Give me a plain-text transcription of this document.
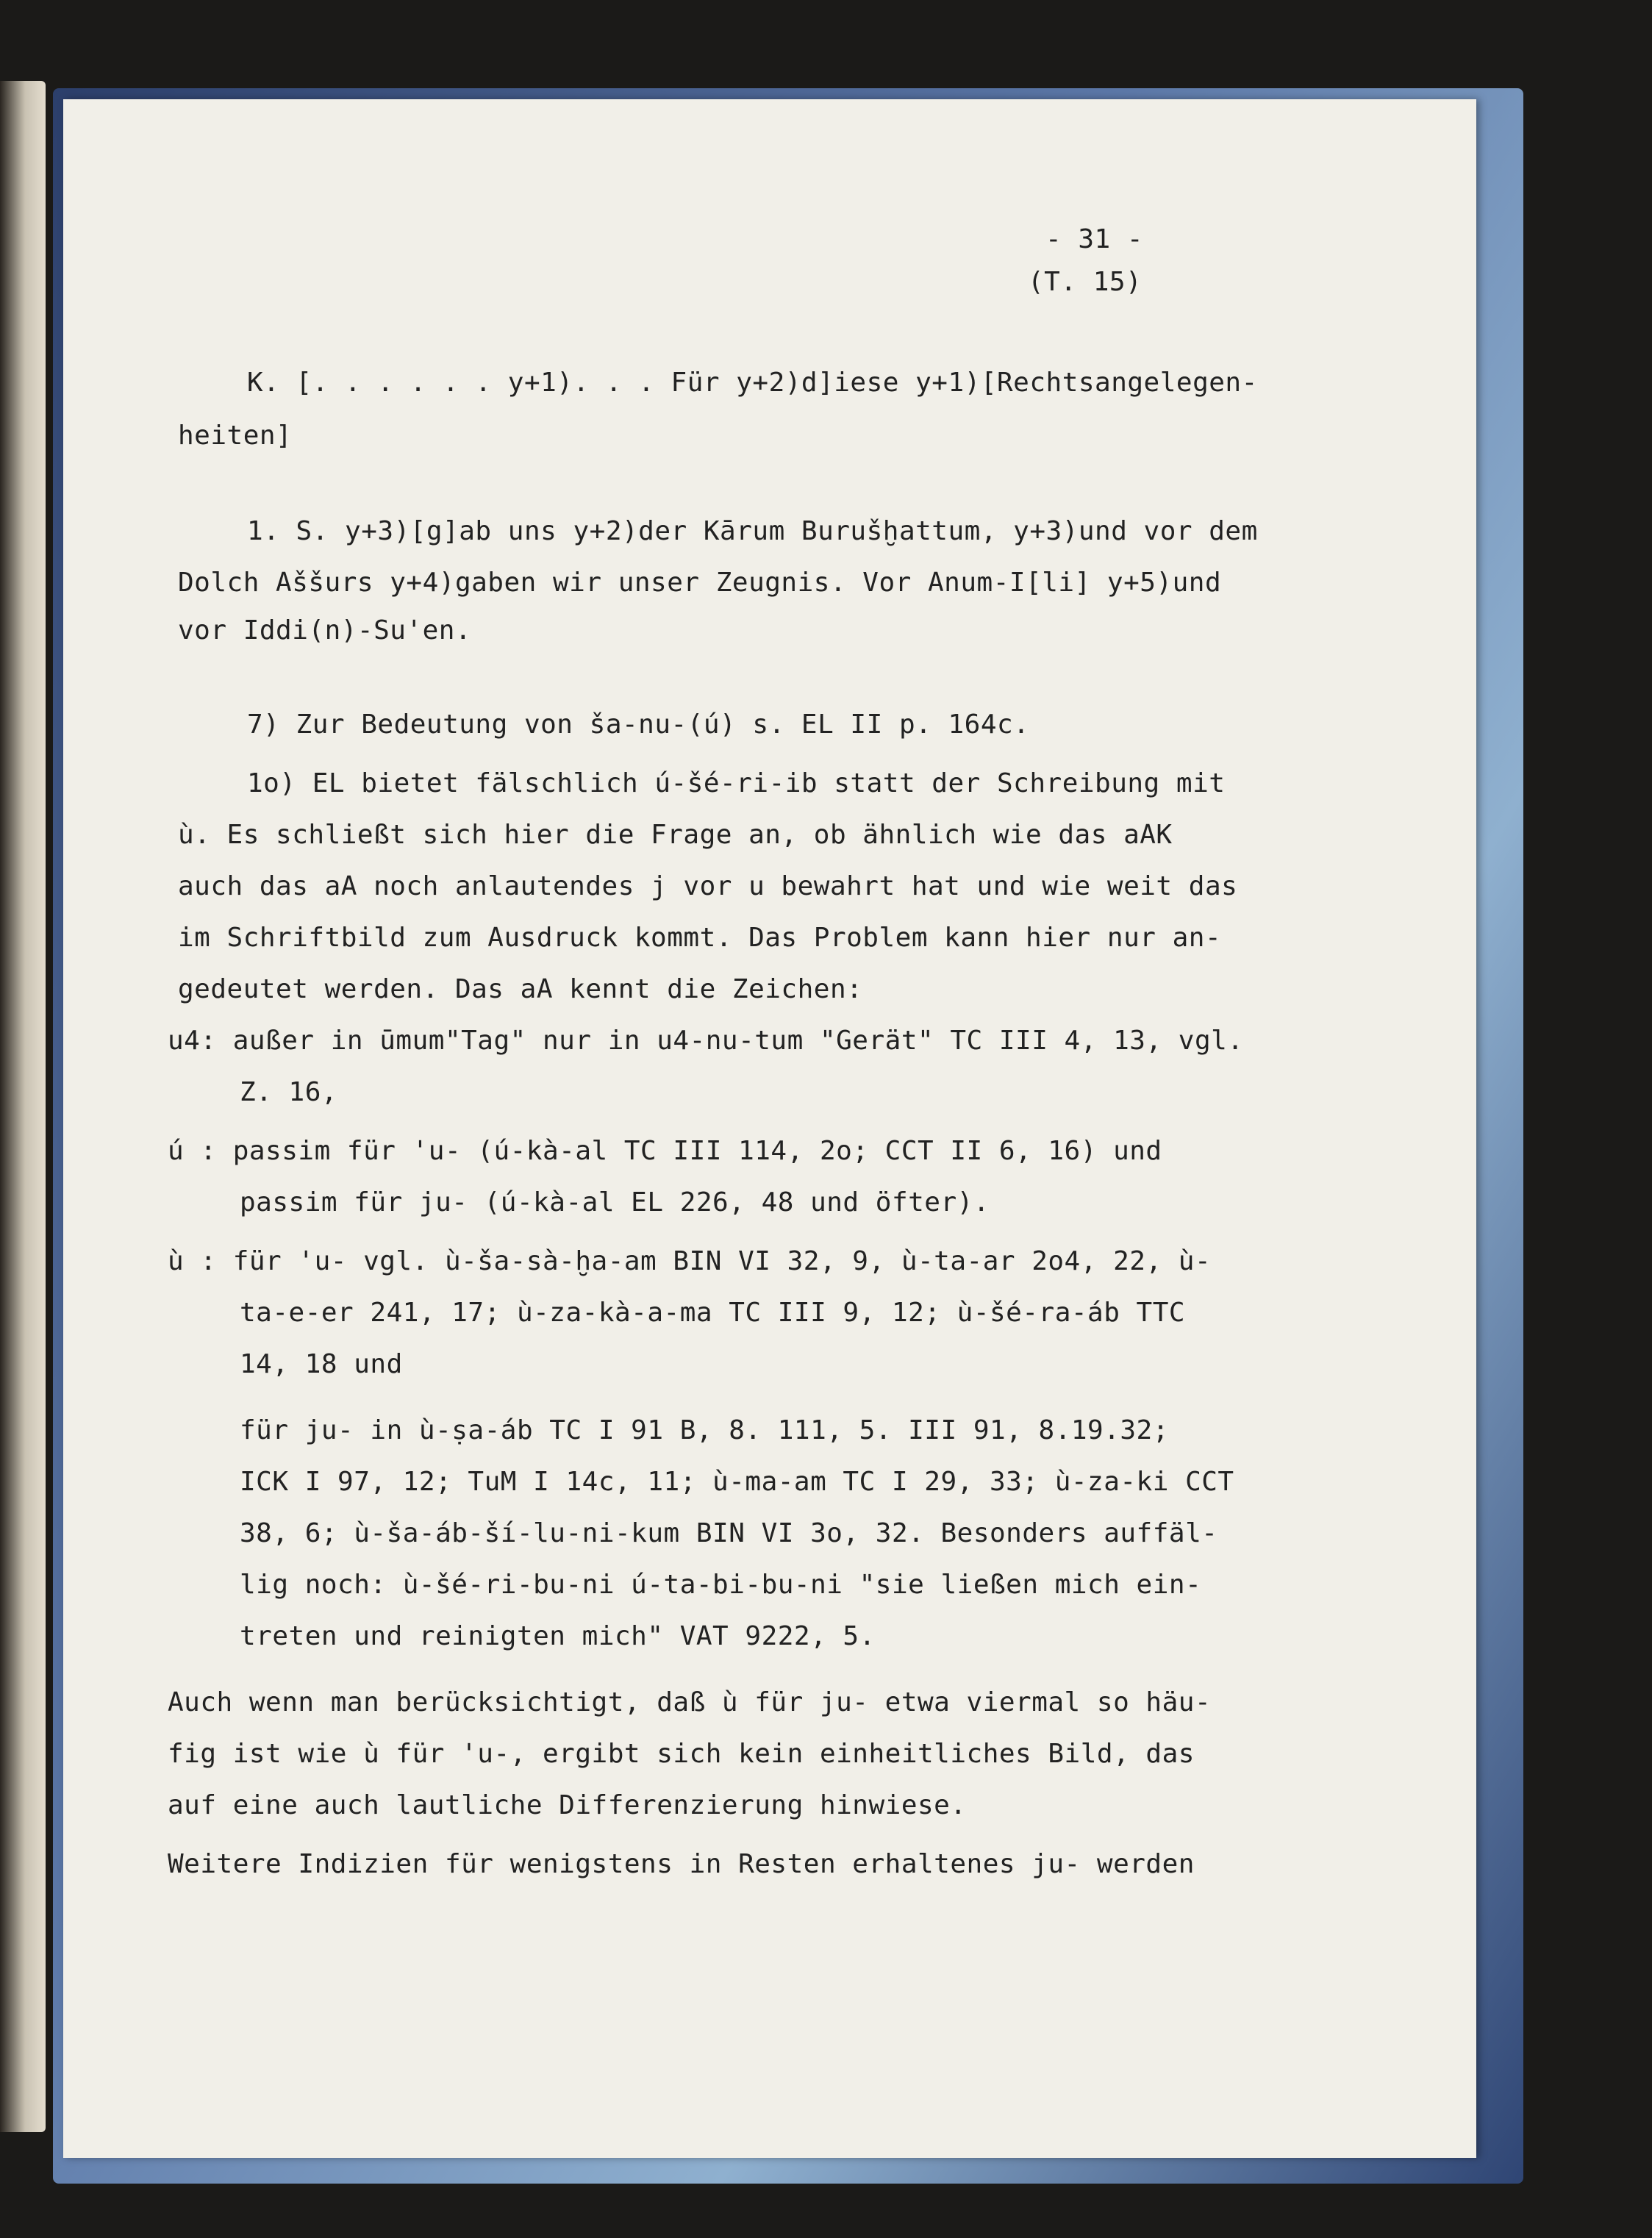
- 31 -
(T. 15)
K. [. . . . . . y+1). . . Für y+2)d]iese y+1)[Rechtsangelegen-
heiten]
1. S. y+3)[g]ab uns y+2)der Kārum Burušḫattum, y+3)und vor dem
Dolch Aššurs y+4)gaben wir unser Zeugnis. Vor Anum-I[li] y+5)und
vor Iddi(n)-Su'en.
7) Zur Bedeutung von ša-nu-(ú) s. EL II p. 164c.
1o) EL bietet fälschlich ú-šé-ri-ib statt der Schreibung mit
ù. Es schließt sich hier die Frage an, ob ähnlich wie das aAK
auch das aA noch anlautendes j vor u bewahrt hat und wie weit das
im Schriftbild zum Ausdruck kommt. Das Problem kann hier nur an-
gedeutet werden. Das aA kennt die Zeichen:
u4: außer in ūmum"Tag" nur in u4-nu-tum "Gerät" TC III 4, 13, vgl.
Z. 16,
ú : passim für 'u- (ú-kà-al TC III 114, 2o; CCT II 6, 16) und
passim für ju- (ú-kà-al EL 226, 48 und öfter).
ù : für 'u- vgl. ù-ša-sà-ḫa-am BIN VI 32, 9, ù-ta-ar 2o4, 22, ù-
ta-e-er 241, 17; ù-za-kà-a-ma TC III 9, 12; ù-šé-ra-áb TTC
14, 18 und
für ju- in ù-ṣa-áb TC I 91 B, 8. 111, 5. III 91, 8.19.32;
ICK I 97, 12; TuM I 14c, 11; ù-ma-am TC I 29, 33; ù-za-ki CCT
38, 6; ù-ša-áb-ší-lu-ni-kum BIN VI 3o, 32. Besonders auffäl-
lig noch: ù-šé-ri-bu-ni ú-ta-bi-bu-ni "sie ließen mich ein-
treten und reinigten mich" VAT 9222, 5.
Auch wenn man berücksichtigt, daß ù für ju- etwa viermal so häu-
fig ist wie ù für 'u-, ergibt sich kein einheitliches Bild, das
auf eine auch lautliche Differenzierung hinwiese.
Weitere Indizien für wenigstens in Resten erhaltenes ju- werden
